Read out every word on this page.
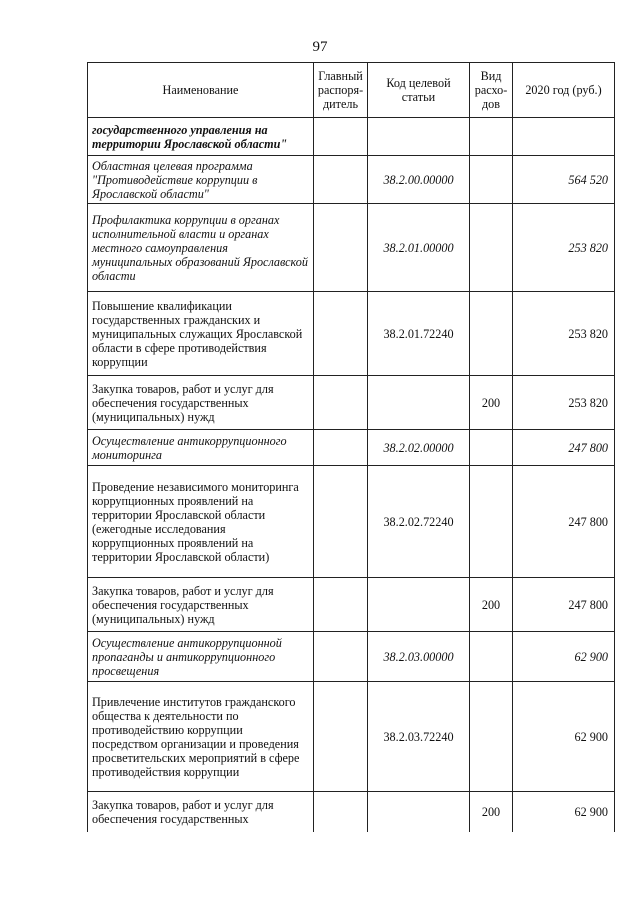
97
Наименование	Главный распоря-дитель	Код целевой статьи	Вид расхо-дов	2020 год (руб.)
государственного управления на территории Ярославской области"				
Областная целевая программа "Противодействие коррупции в Ярославской области"		38.2.00.00000		564 520
Профилактика коррупции в органах исполнительной власти и органах местного самоуправления муниципальных образований Ярославской области		38.2.01.00000		253 820
Повышение квалификации государственных гражданских и муниципальных служащих Ярославской области в сфере противодействия коррупции		38.2.01.72240		253 820
Закупка товаров, работ и услуг для обеспечения государственных (муниципальных) нужд			200	253 820
Осуществление антикоррупционного мониторинга		38.2.02.00000		247 800
Проведение независимого мониторинга коррупционных проявлений на территории Ярославской области (ежегодные исследования коррупционных проявлений на территории Ярославской области)		38.2.02.72240		247 800
Закупка товаров, работ и услуг для обеспечения государственных (муниципальных) нужд			200	247 800
Осуществление антикоррупционной пропаганды и антикоррупционного просвещения		38.2.03.00000		62 900
Привлечение институтов гражданского общества к деятельности по противодействию коррупции посредством организации и проведения просветительских мероприятий в сфере противодействия коррупции		38.2.03.72240		62 900
Закупка товаров, работ и услуг для обеспечения государственных			200	62 900
